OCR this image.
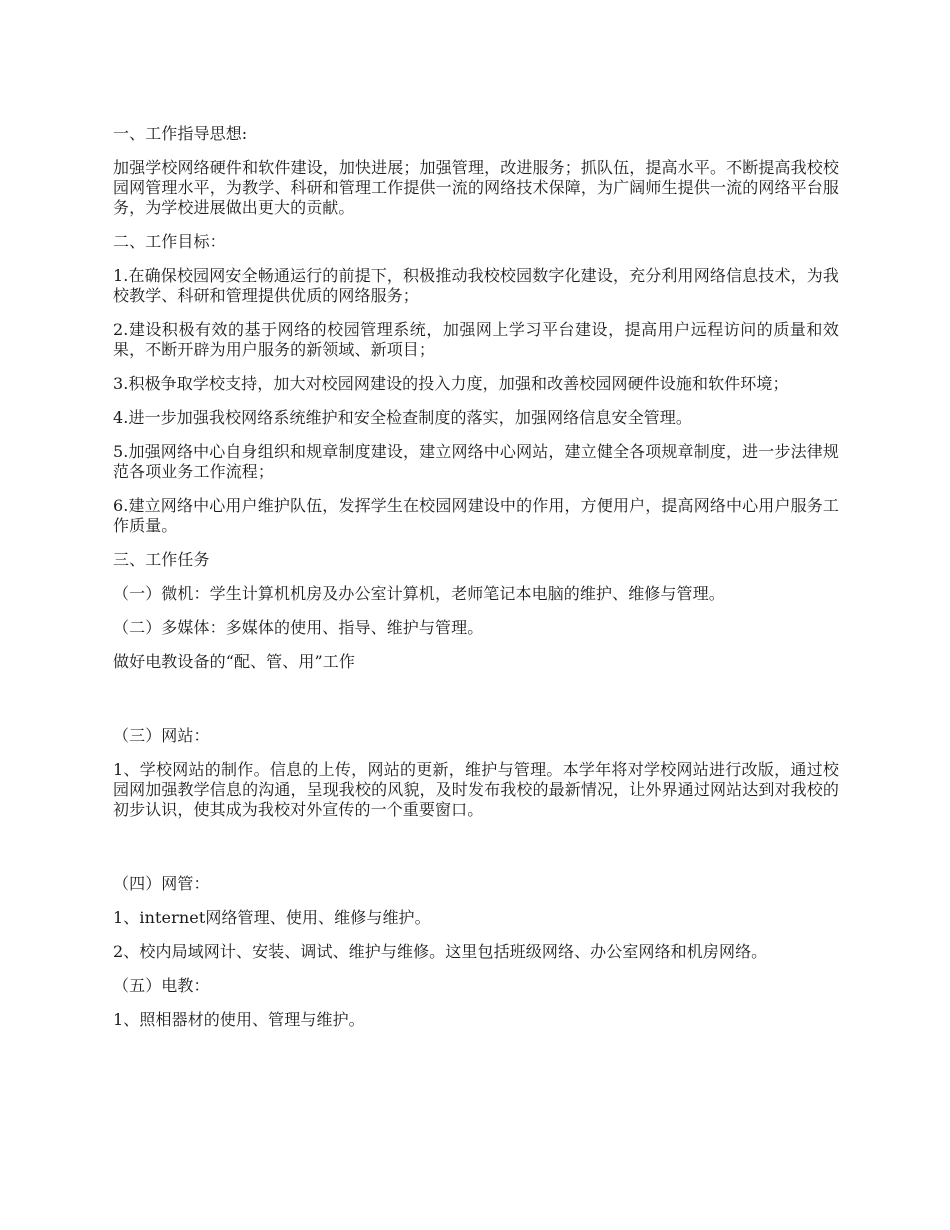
一、工作指导思想:

加强学校网络硬件和软件建设，加快进展；加强管理，改进服务；抓队伍，提高水平。不断提高我校校园网管理水平，为教学、科研和管理工作提供一流的网络技术保障，为广阔师生提供一流的网络平台服务，为学校进展做出更大的贡献。

二、工作目标：

1.在确保校园网安全畅通运行的前提下，积极推动我校校园数字化建设，充分利用网络信息技术，为我校教学、科研和管理提供优质的网络服务；

2.建设积极有效的基于网络的校园管理系统，加强网上学习平台建设，提高用户远程访问的质量和效果，不断开辟为用户服务的新领域、新项目；

3.积极争取学校支持，加大对校园网建设的投入力度，加强和改善校园网硬件设施和软件环境；

4.进一步加强我校网络系统维护和安全检查制度的落实，加强网络信息安全管理。

5.加强网络中心自身组织和规章制度建设，建立网络中心网站，建立健全各项规章制度，进一步法律规范各项业务工作流程；

6.建立网络中心用户维护队伍，发挥学生在校园网建设中的作用，方便用户，提高网络中心用户服务工作质量。

三、工作任务

（一）微机：学生计算机机房及办公室计算机，老师笔记本电脑的维护、维修与管理。

（二）多媒体：多媒体的使用、指导、维护与管理。

做好电教设备的“配、管、用”工作

（三）网站：

1、学校网站的制作。信息的上传，网站的更新，维护与管理。本学年将对学校网站进行改版，通过校园网加强教学信息的沟通，呈现我校的风貌，及时发布我校的最新情况，让外界通过网站达到对我校的初步认识，使其成为我校对外宣传的一个重要窗口。

（四）网管：

1、internet网络管理、使用、维修与维护。

2、校内局域网计、安装、调试、维护与维修。这里包括班级网络、办公室网络和机房网络。

（五）电教：

1、照相器材的使用、管理与维护。
